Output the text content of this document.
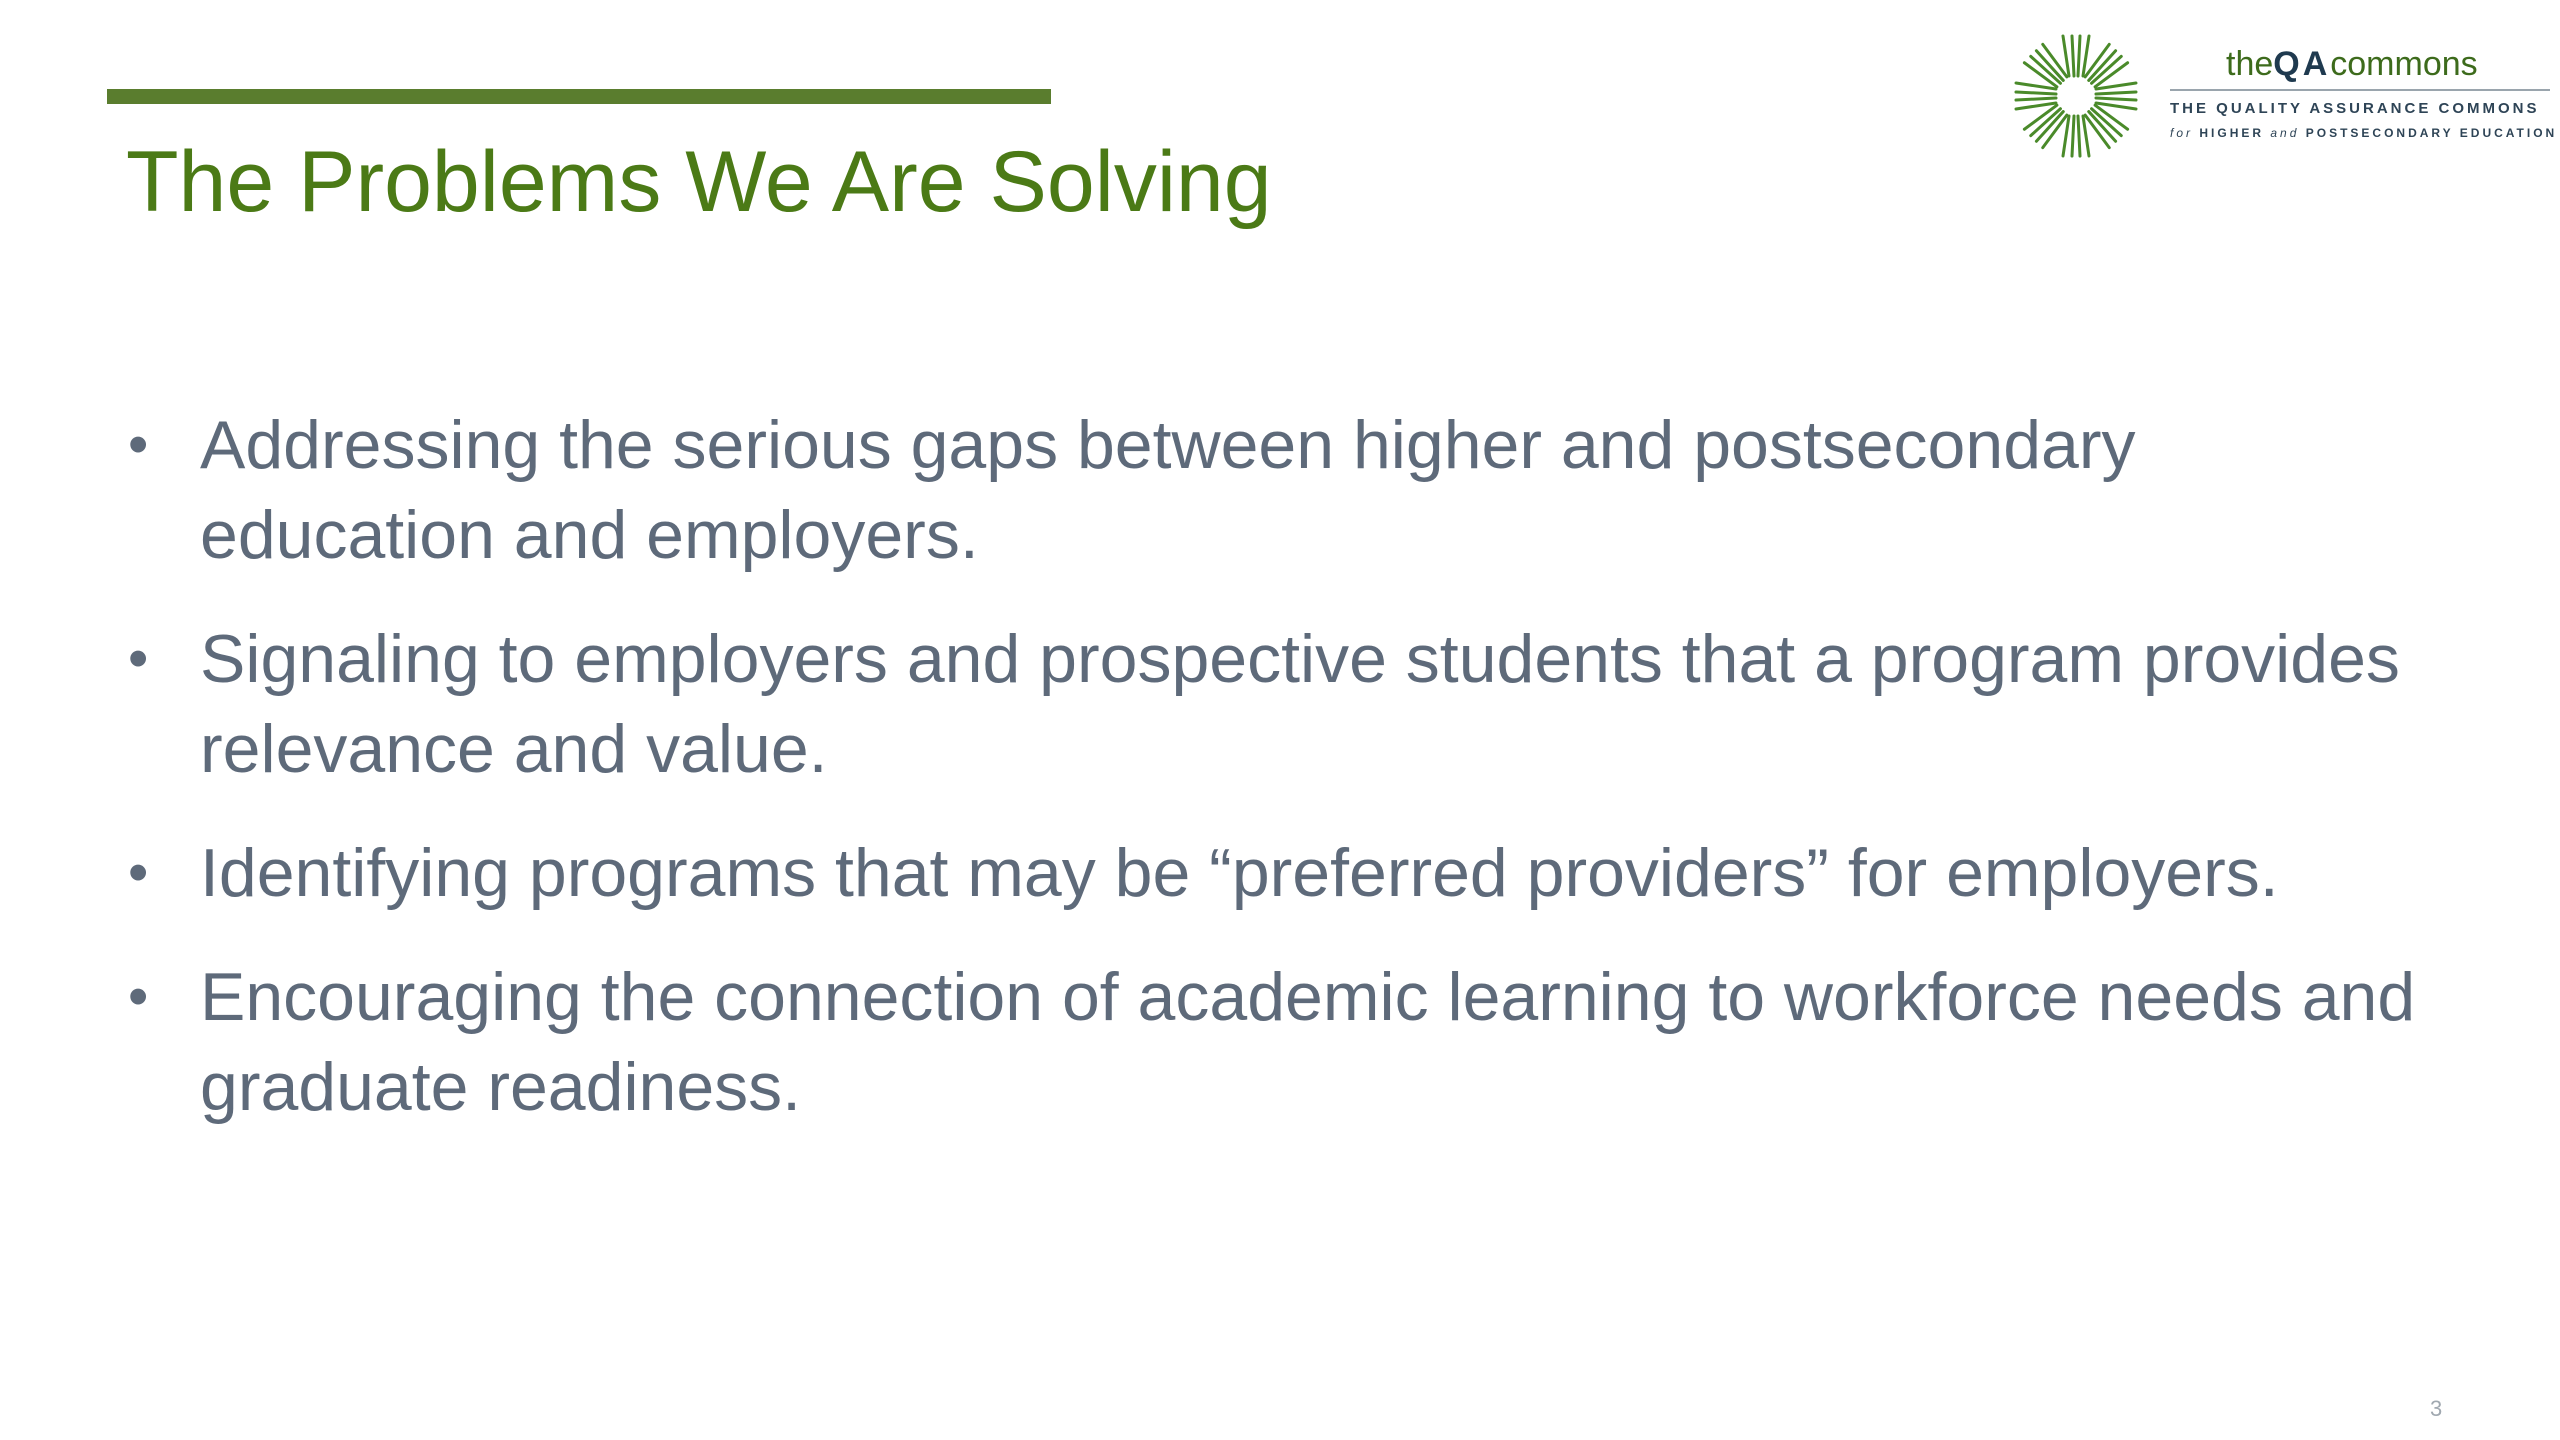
The Problems We Are Solving
theQAcommons
THE QUALITY ASSURANCE COMMONS
for HIGHER and POSTSECONDARY EDUCATION
• Addressing the serious gaps between higher and postsecondary education and employers.
• Signaling to employers and prospective students that a program provides relevance and value.
• Identifying programs that may be “preferred providers” for employers.
• Encouraging the connection of academic learning to workforce needs and graduate readiness.
3
